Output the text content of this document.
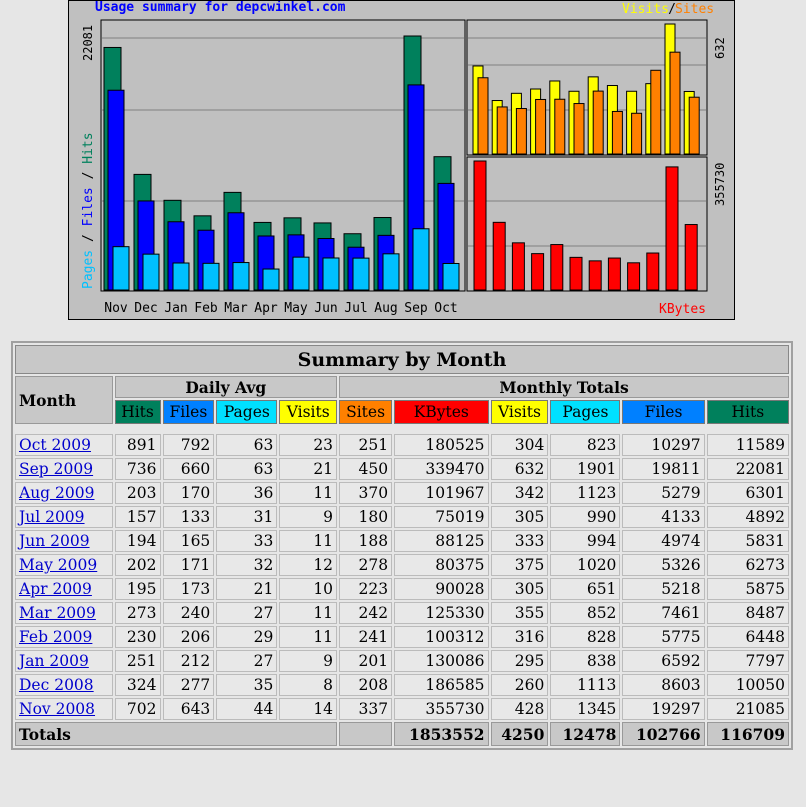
Nov Dec Jan Feb Mar Apr May Jun Jul Aug Sep Oct
Usage summary for depcwinkel.com	Visits / Sites
KBytes
22081	632
355730
Pages / Files / Hits
Summary by Month										
Month	Daily Avg				Monthly Totals					
	Hits	Files	Pages	Visits	Sites	KBytes	Visits	Pages	Files	Hits

Oct 2009	891	792	63	23	251	180525	304	823	10297	11589
Sep 2009	736	660	63	21	450	339470	632	1901	19811	22081
Aug 2009	203	170	36	11	370	101967	342	1123	5279	6301
Jul 2009	157	133	31	9	180	75019	305	990	4133	4892
Jun 2009	194	165	33	11	188	88125	333	994	4974	5831
May 2009	202	171	32	12	278	80375	375	1020	5326	6273
Apr 2009	195	173	21	10	223	90028	305	651	5218	5875
Mar 2009	273	240	27	11	242	125330	355	852	7461	8487
Feb 2009	230	206	29	11	241	100312	316	828	5775	6448
Jan 2009	251	212	27	9	201	130086	295	838	6592	7797
Dec 2008	324	277	35	8	208	186585	260	1113	8603	10050
Nov 2008	702	643	44	14	337	355730	428	1345	19297	21085
Totals						1853552	4250	12478	102766	116709
